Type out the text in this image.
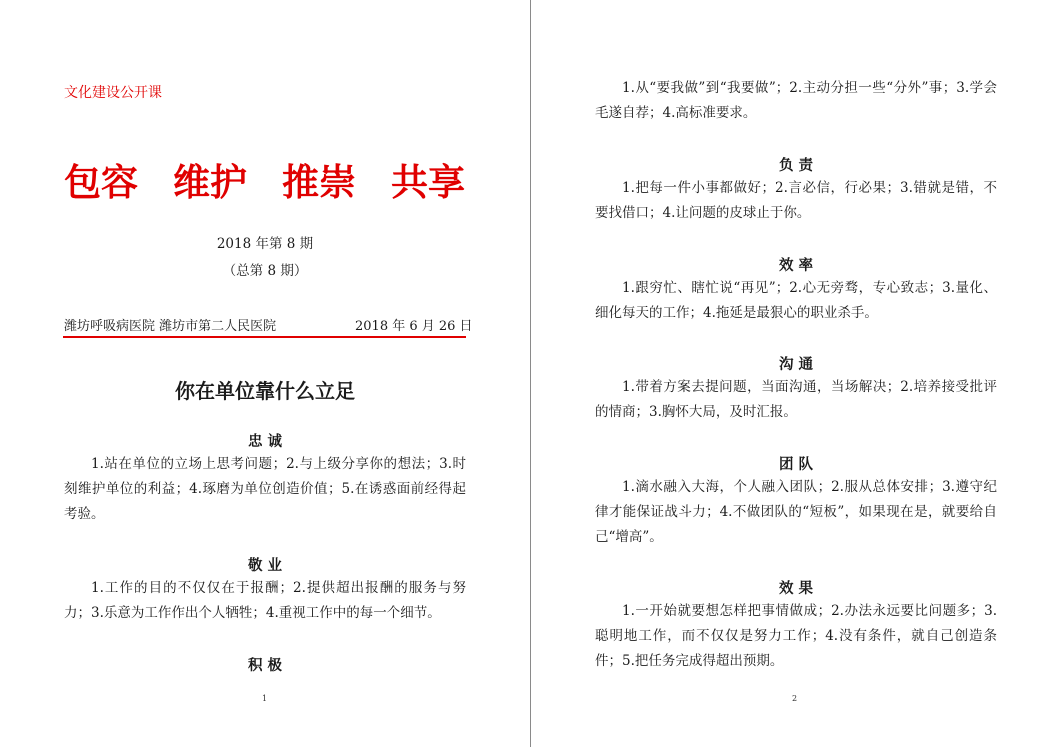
文化建设公开课
包容 维护 推崇 共享
2018 年第 8 期
（总第 8 期）
潍坊呼吸病医院 潍坊市第二人民医院	2018 年 6 月 26 日
你在单位靠什么立足
忠 诚
1.站在单位的立场上思考问题；2.与上级分享你的想法；3.时刻维护单位的利益；4.琢磨为单位创造价值；5.在诱惑面前经得起考验。
敬 业
1.工作的目的不仅仅在于报酬；2.提供超出报酬的服务与努力；3.乐意为工作作出个人牺牲；4.重视工作中的每一个细节。
积 极
1
1.从“要我做”到“我要做”；2.主动分担一些“分外”事；3.学会毛遂自荐；4.高标准要求。
负 责
1.把每一件小事都做好；2.言必信，行必果；3.错就是错，不要找借口；4.让问题的皮球止于你。
效 率
1.跟穷忙、瞎忙说“再见”；2.心无旁骛，专心致志；3.量化、细化每天的工作；4.拖延是最狠心的职业杀手。
沟 通
1.带着方案去提问题，当面沟通，当场解决；2.培养接受批评的情商；3.胸怀大局，及时汇报。
团 队
1.滴水融入大海，个人融入团队；2.服从总体安排；3.遵守纪律才能保证战斗力；4.不做团队的“短板”，如果现在是，就要给自己“增高”。
效 果
1.一开始就要想怎样把事情做成；2.办法永远要比问题多；3.聪明地工作，而不仅仅是努力工作；4.没有条件，就自己创造条件；5.把任务完成得超出预期。
2
